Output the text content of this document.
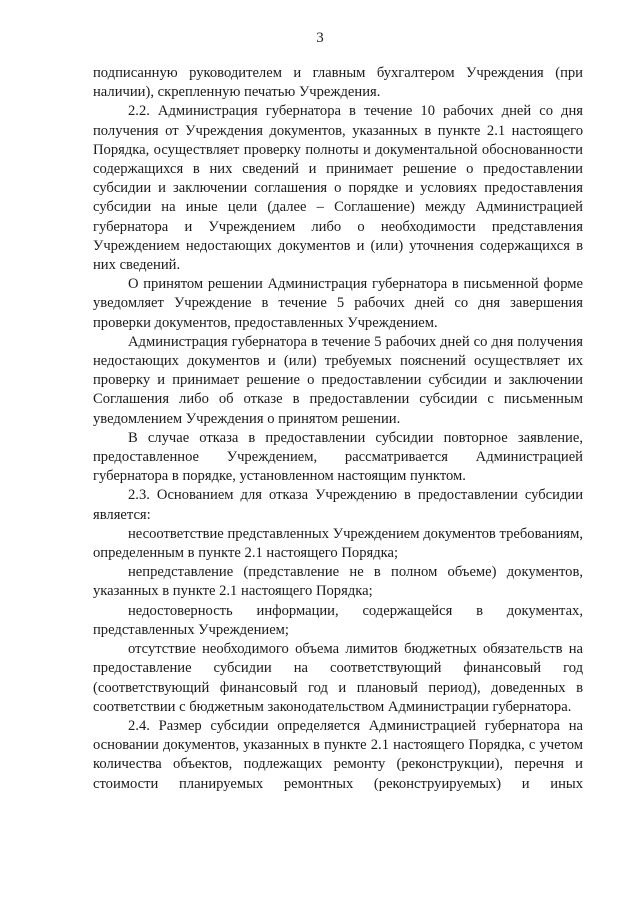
3

подписанную руководителем и главным бухгалтером Учреждения (при наличии), скрепленную печатью Учреждения.

2.2. Администрация губернатора в течение 10 рабочих дней со дня получения от Учреждения документов, указанных в пункте 2.1 настоящего Порядка, осуществляет проверку полноты и документальной обоснованности содержащихся в них сведений и принимает решение о предоставлении субсидии и заключении соглашения о порядке и условиях предоставления субсидии на иные цели (далее – Соглашение) между Администрацией губернатора и Учреждением либо о необходимости представления Учреждением недостающих документов и (или) уточнения содержащихся в них сведений.

О принятом решении Администрация губернатора в письменной форме уведомляет Учреждение в течение 5 рабочих дней со дня завершения проверки документов, предоставленных Учреждением.

Администрация губернатора в течение 5 рабочих дней со дня получения недостающих документов и (или) требуемых пояснений осуществляет их проверку и принимает решение о предоставлении субсидии и заключении Соглашения либо об отказе в предоставлении субсидии с письменным уведомлением Учреждения о принятом решении.

В случае отказа в предоставлении субсидии повторное заявление, предоставленное Учреждением, рассматривается Администрацией губернатора в порядке, установленном настоящим пунктом.

2.3. Основанием для отказа Учреждению в предоставлении субсидии является:

несоответствие представленных Учреждением документов требованиям, определенным в пункте 2.1 настоящего Порядка;

непредставление (представление не в полном объеме) документов, указанных в пункте 2.1 настоящего Порядка;

недостоверность информации, содержащейся в документах, представленных Учреждением;

отсутствие необходимого объема лимитов бюджетных обязательств на предоставление субсидии на соответствующий финансовый год (соответствующий финансовый год и плановый период), доведенных в соответствии с бюджетным законодательством Администрации губернатора.

2.4. Размер субсидии определяется Администрацией губернатора на основании документов, указанных в пункте 2.1 настоящего Порядка, с учетом количества объектов, подлежащих ремонту (реконструкции), перечня и стоимости планируемых ремонтных (реконструируемых) и иных
